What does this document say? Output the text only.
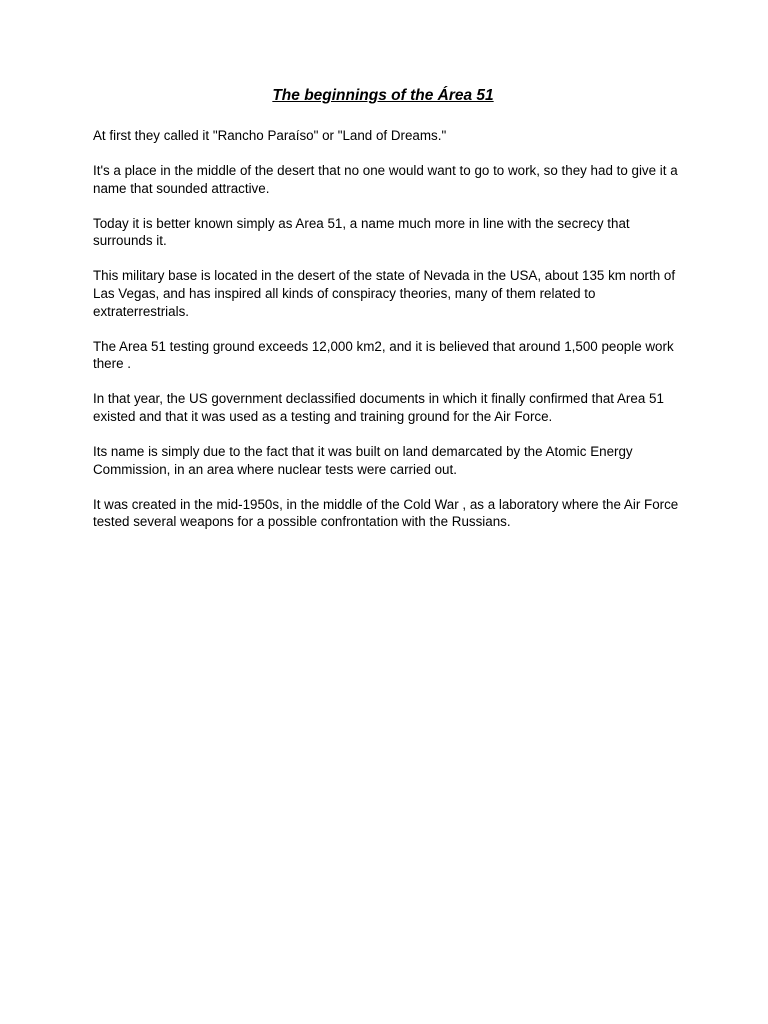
The beginnings of the Área 51

At first they called it "Rancho Paraíso" or "Land of Dreams."

It's a place in the middle of the desert that no one would want to go to work, so they had to give it a name that sounded attractive.

Today it is better known simply as Area 51, a name much more in line with the secrecy that surrounds it.

This military base is located in the desert of the state of Nevada in the USA, about 135 km north of Las Vegas, and has inspired all kinds of conspiracy theories, many of them related to extraterrestrials.

The Area 51 testing ground exceeds 12,000 km2, and it is believed that around 1,500 people work there .

In that year, the US government declassified documents in which it finally confirmed that Area 51 existed and that it was used as a testing and training ground for the Air Force.

Its name is simply due to the fact that it was built on land demarcated by the Atomic Energy Commission, in an area where nuclear tests were carried out.

It was created in the mid-1950s, in the middle of the Cold War , as a laboratory where the Air Force tested several weapons for a possible confrontation with the Russians.
